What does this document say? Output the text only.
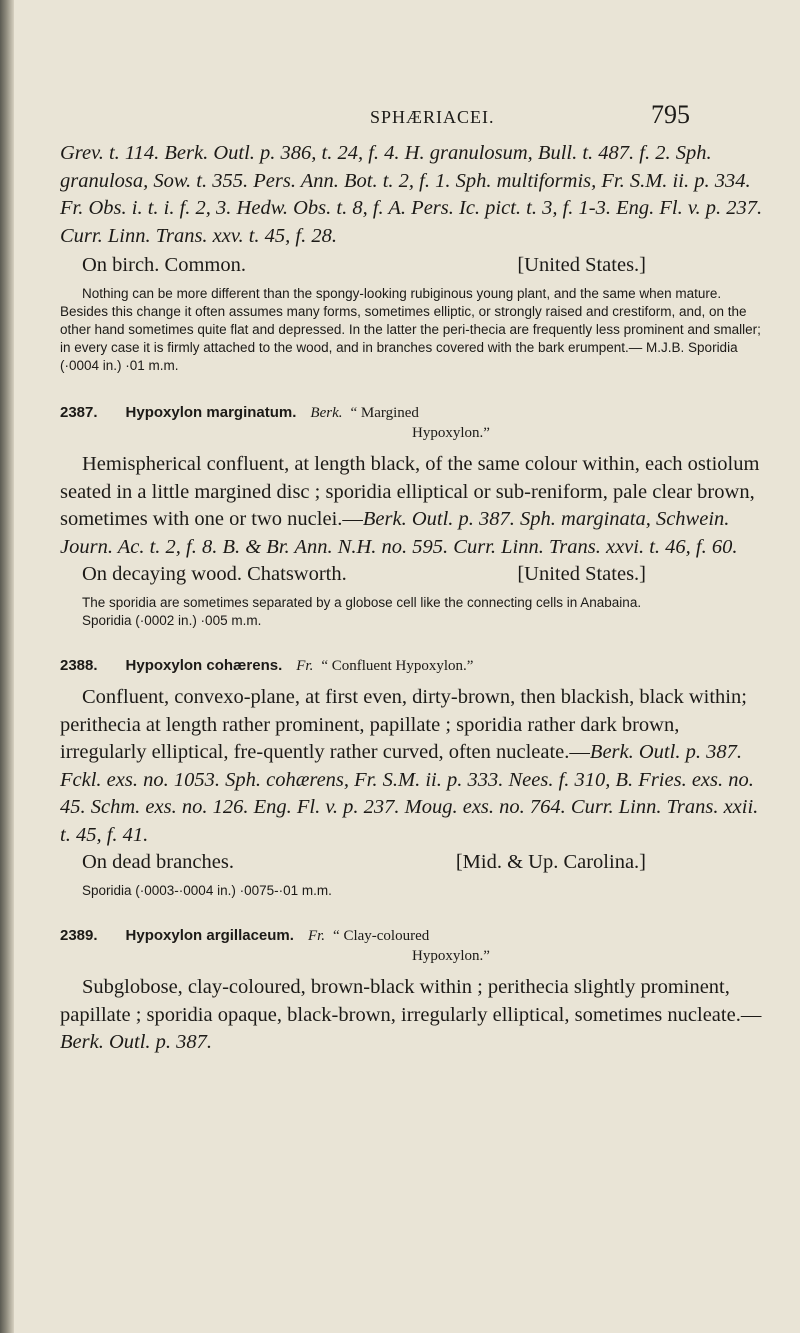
SPHÆRIACEI.	795

Grev. t. 114. Berk. Outl. p. 386, t. 24, f. 4. H. granulosum, Bull. t. 487. f. 2. Sph. granulosa, Sow. t. 355. Pers. Ann. Bot. t. 2, f. 1. Sph. multiformis, Fr. S.M. ii. p. 334. Fr. Obs. i. t. i. f. 2, 3. Hedw. Obs. t. 8, f. A. Pers. Ic. pict. t. 3, f. 1-3. Eng. Fl. v. p. 237. Curr. Linn. Trans. xxv. t. 45, f. 28.

On birch. Common.	[United States.]

Nothing can be more different than the spongy-looking rubiginous young plant, and the same when mature. Besides this change it often assumes many forms, sometimes elliptic, or strongly raised and crestiform, and, on the other hand sometimes quite flat and depressed. In the latter the peri-thecia are frequently less prominent and smaller; in every case it is firmly attached to the wood, and in branches covered with the bark erumpent.— M.J.B. Sporidia (·0004 in.) ·01 m.m.

2387. Hypoxylon marginatum. Berk. “ Margined
Hypoxylon.”

Hemispherical confluent, at length black, of the same colour within, each ostiolum seated in a little margined disc ; sporidia elliptical or sub-reniform, pale clear brown, sometimes with one or two nuclei.—Berk. Outl. p. 387. Sph. marginata, Schwein. Journ. Ac. t. 2, f. 8. B. & Br. Ann. N.H. no. 595. Curr. Linn. Trans. xxvi. t. 46, f. 60.

On decaying wood. Chatsworth.	[United States.]

The sporidia are sometimes separated by a globose cell like the connecting cells in Anabaina.

Sporidia (·0002 in.) ·005 m.m.

2388. Hypoxylon cohærens. Fr. “ Confluent Hypoxylon.”

Confluent, convexo-plane, at first even, dirty-brown, then blackish, black within; perithecia at length rather prominent, papillate ; sporidia rather dark brown, irregularly elliptical, fre-quently rather curved, often nucleate.—Berk. Outl. p. 387. Fckl. exs. no. 1053. Sph. cohærens, Fr. S.M. ii. p. 333. Nees. f. 310, B. Fries. exs. no. 45. Schm. exs. no. 126. Eng. Fl. v. p. 237. Moug. exs. no. 764. Curr. Linn. Trans. xxii. t. 45, f. 41.

On dead branches.	[Mid. & Up. Carolina.]

Sporidia (·0003-·0004 in.) ·0075-·01 m.m.

2389. Hypoxylon argillaceum. Fr. “ Clay-coloured
Hypoxylon.”

Subglobose, clay-coloured, brown-black within ; perithecia slightly prominent, papillate ; sporidia opaque, black-brown, irregularly elliptical, sometimes nucleate.—Berk. Outl. p. 387.
